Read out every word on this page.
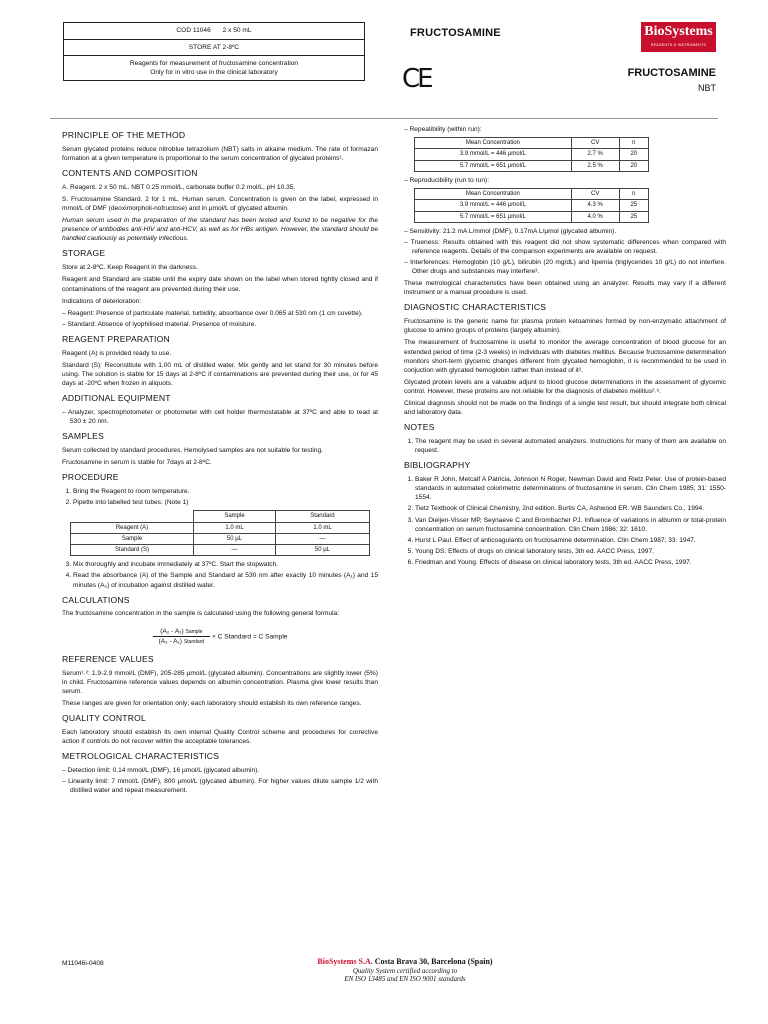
COD 11046 2 x 50 mL
STORE AT 2-8ºC
Reagents for measurement of fructosamine concentration
Only for in vitro use in the clinical laboratory
FRUCTOSAMINE
CE
BioSystems
REAGENTS & INSTRUMENTS
FRUCTOSAMINE
NBT
PRINCIPLE OF THE METHOD

Serum glycated proteins reduce nitroblue tetrazolium (NBT) salts in alkaine medium. The rate of formazan formation at a given temperature is proportional to the serum concentration of glycated proteins¹.

CONTENTS AND COMPOSITION

A. Reagent. 2 x 50 mL. NBT 0.25 mmol/L, carbonate buffer 0.2 mol/L, pH 10.35.

S. Fructosamine Standard. 2 for 1 mL. Human serum. Concentration is given on the label, expressed in mmol/L of DMF (deoximorpholi-nofructose) and in µmol/L of glycated albumin.

Human serum used in the preparation of the standard has been tested and found to be negative for the presence of antibodies anti-HIV and anti-HCV, as well as for HBs antigen. However, the standard should be handled cautiously as potentially infectious.

STORAGE

Store at 2-8ºC. Keep Reagent in the darkness.

Reagent and Standard are stable until the expiry date shown on the label when stored tightly closed and if contaminations of the reagent are prevented during their use.

Indications of deterioration:

– Reagent: Presence of particulate material, turbidity, absorbance over 0.065 at 530 nm (1 cm cuvette).
– Standard: Absence of lyophilised material. Presence of moisture.
REAGENT PREPARATION

Reagent (A) is provided ready to use.

Standard (S): Reconstitute with 1.00 mL of distilled water. Mix gently and let stand for 30 minutes before using. The solution is stable for 15 days at 2-8ºC if contaminations are prevented during their use, or for 45 days at -20ºC when frozen in aliquots.

ADDITIONAL EQUIPMENT
– Analyzer, spectrophotometer or photometer with cell holder thermostatable at 37ºC and able to read at 530 ± 20 nm.
SAMPLES

Serum collected by standard procedures. Hemolysed samples are not suitable for testing.

Fructosamine in serum is stable for 7days at 2-8ºC.

PROCEDURE
1. Bring the Reagent to room temperature.
2. Pipette into labelled test tubes: (Note 1)
	Sample	Standard
Reagent (A)	1.0 mL	1.0 mL
Sample	50 µL	—
Standard (S)	—	50 µL
3. Mix thoroughly and incubate immediately at 37ºC. Start the stopwatch.
4. Read the absorbance (A) of the Sample and Standard at 530 nm after exactly 10 minutes (A₁) and 15 minutes (A₂) of incubation against distilled water.
CALCULATIONS

The fructosamine concentration in the sample is calculated using the following general formula:

$\frac{\text{(A₂ - A₁) Sample}}{\text{(A₂ - A₁) Standard}} \times C$ Standard = C Sample
REFERENCE VALUES

Serum¹˒²: 1.9-2.9 mmol/L (DMF), 205-285 µmol/L (glycated albumin). Concentrations are slightly lower (5%) in child. Fructosamine reference values depends on albumin concentration. Plasma give lower results than serum.

These ranges are given for orientation only; each laboratory should establish its own reference ranges.

QUALITY CONTROL

Each laboratory should establish its own internal Quality Control scheme and procedures for corrective action if controls do not recover within the acceptable tolerances.

METROLOGICAL CHARACTERISTICS
– Detection limit: 0.14 mmol/L (DMF), 16 µmol/L (glycated albumin).
– Linearity limit: 7 mmol/L (DMF), 800 µmol/L (glycated albumin). For higher values dilute sample 1/2 with distilled water and repeat measurement.

– Repeatibility (within run):

Mean Concentration	CV	n
3.9 mmol/L = 446 µmol/L	2.7 %	20
5.7 mmol/L = 651 µmol/L	2.5 %	20

– Reproducibility (run to run):

Mean Concentration	CV	n
3.9 mmol/L = 446 µmol/L	4.3 %	25
5.7 mmol/L = 651 µmol/L	4.0 %	25
– Sensitivity: 21.2 mA L/mmol (DMF), 0.17mA L/µmol (glycated albumin).
– Trueness: Results obtained with this reagent did not show systematic differences when compared with reference reagents. Details of the comparison experiments are available on request.
– Interferences: Hemoglobin (10 g/L), bilirubin (20 mg/dL) and lipemia (triglycerides 10 g/L) do not interfere. Other drugs and substances may interfere³.

These metrological characteristics have been obtained using an analyzer. Results may vary if a different instrument or a manual procedure is used.

DIAGNOSTIC CHARACTERISTICS

Fructosamine is the generic name for plasma protein ketoamines formed by non-enzymatic attachment of glucose to amino groups of proteins (largely albumin).

The measurement of fructosamine is useful to monitor the average concentration of blood glucose for an extended period of time (2-3 weeks) in individuals with diabetes mellitus. Because fructosamine determination monitors short-term glycemic changes different from glycated hemoglobin, it is recommended to be used in conjuction with glycated hemoglobin rather than instead of it².

Glycated protein levels are a valuable adjunt to blood glucose determinations in the assessment of glycemic control. However, these proteins are not reliable for the diagnosis of diabetes mellitus²˒⁵.

Clinical diagnosis should not be made on the findings of a single test result, but should integrate both clinical and laboratory data.

NOTES
1. The reagent may be used in several automated analyzers. Instructions for many of them are available on request.
BIBLIOGRAPHY
1. Baker R John, Metcalf A Patricia, Johnson N Roger, Newman David and Rietz Peter. Use of protein-based standards in automated colorimetric determinations of fructosamine in serum. Clin Chem 1985; 31: 1550-1554.
2. Tietz Textbook of Clinical Chemistry, 2nd edition. Burtis CA, Ashwood ER. WB Saunders Co., 1994.
3. Van Dieijen-Visser MP, Seynaeve C and Brombacher PJ. Influence of variations in albumin or total-protein concentration on serum fructosamine concentration. Clin Chem 1986; 32: 1610.
4. Hurst L Paul. Effect of anticoagulants on fructosamine determination. Clin Chem 1987; 33: 1947.
5. Young DS. Effects of drugs on clinical laboratory tests, 3th ed. AACC Press, 1997.
6. Friedman and Young. Effects of disease on clinical laboratory tests, 3th ed. AACC Press, 1997.
M11046i-0408	BioSystems S.A. Costa Brava 30, Barcelona (Spain)
Quality System certified according to
EN ISO 13485 and EN ISO 9001 standards
